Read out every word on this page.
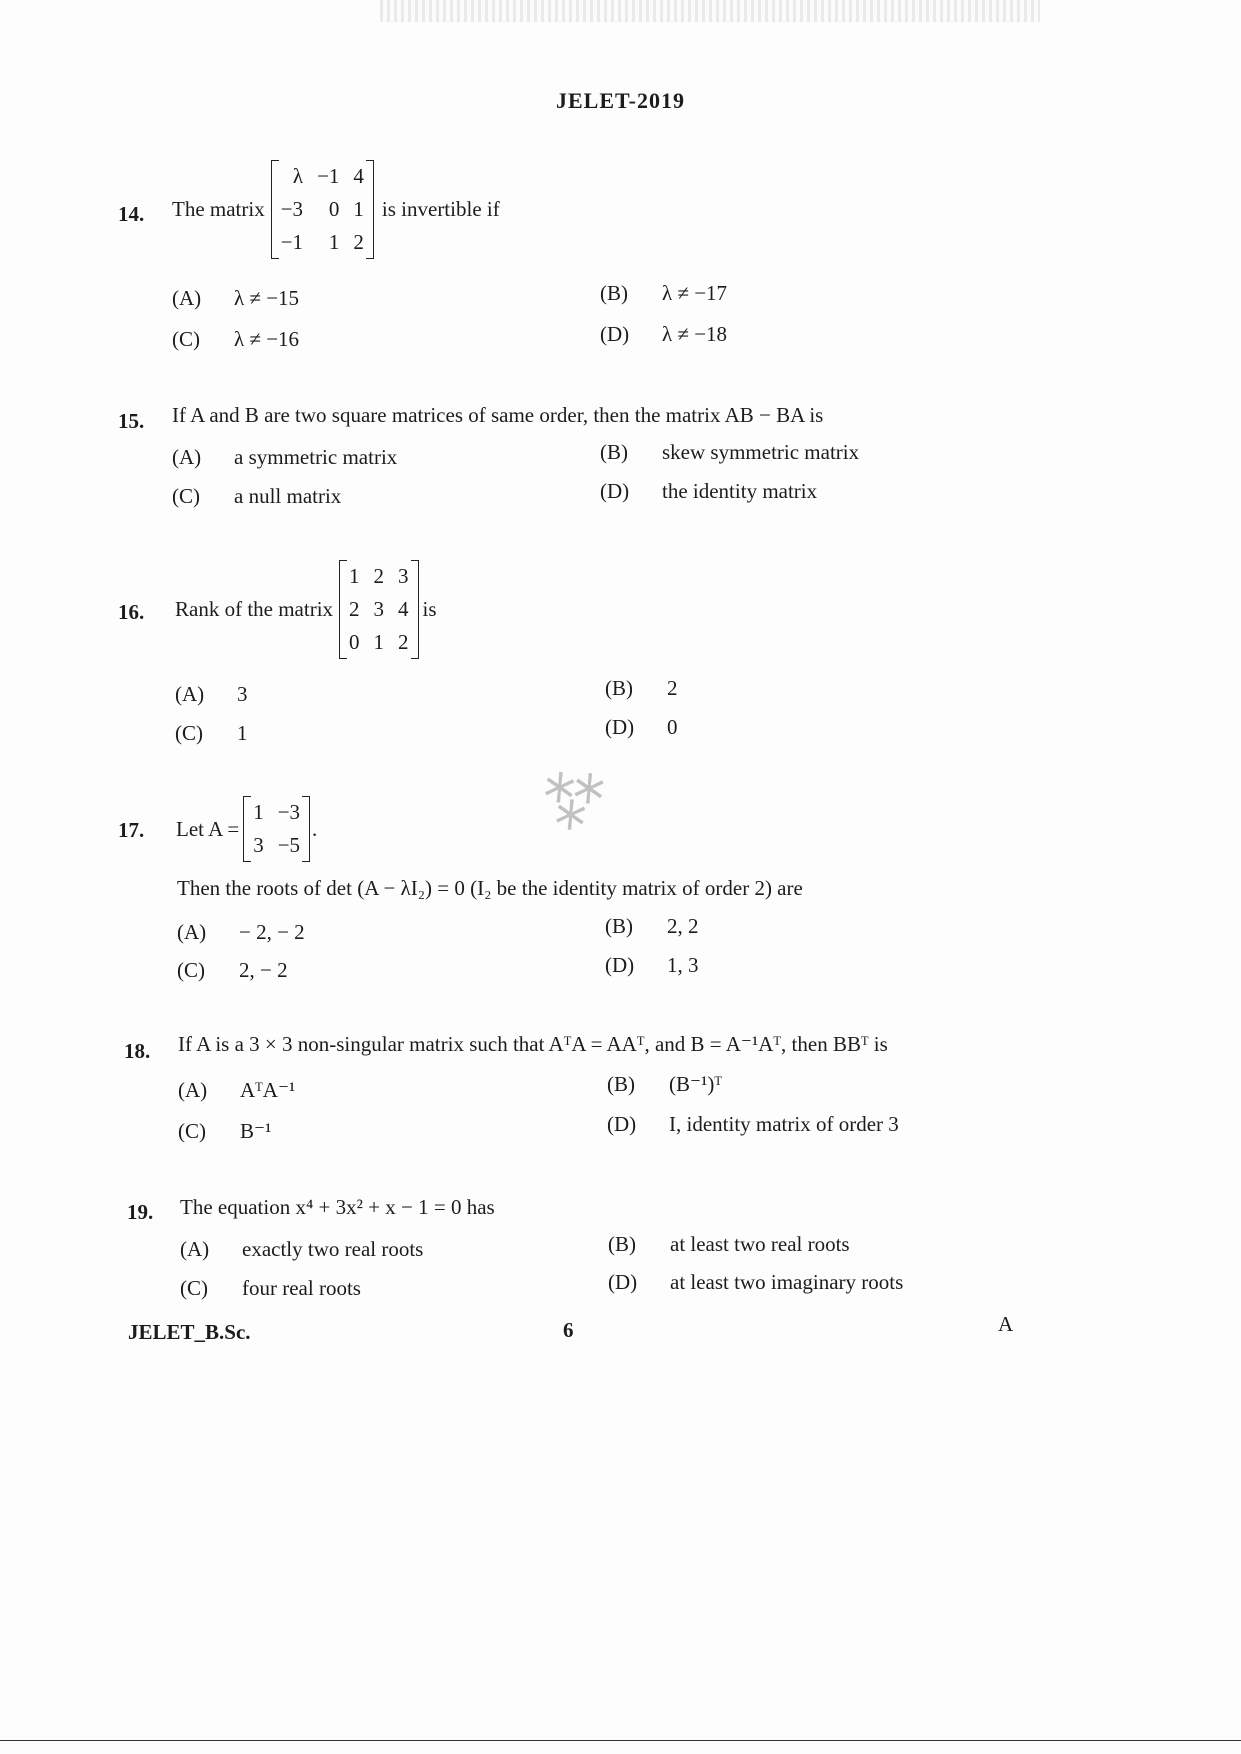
JELET-2019
14. The matrix
λ −1 4
−3	0 1
−1	1 2
is invertible if
(A) λ ≠ −15	(B) λ ≠ −17
(C) λ ≠ −16	(D) λ ≠ −18
15. If A and B are two square matrices of same order, then the matrix AB − BA is
(A) a symmetric matrix	(B) skew symmetric matrix
(C) a null matrix	(D) the identity matrix
16. Rank of the matrix
1 2 3
2 3 4
0 1 2
is
(A) 3	(B) 2
(C) 1	(D) 0
⁂
17. Let A =
1 −3
3 −5
.
Then the roots of det (A − λI₂) = 0 (I₂ be the identity matrix of order 2) are
(A) − 2, − 2	(B) 2, 2
(C) 2, − 2	(D) 1, 3
18. If A is a 3 × 3 non-singular matrix such that AᵀA = AAᵀ, and B = A⁻¹Aᵀ, then BBᵀ is
(A) AᵀA⁻¹	(B) (B⁻¹)ᵀ
(C) B⁻¹	(D) I, identity matrix of order 3
19. The equation x⁴ + 3x² + x − 1 = 0 has
(A) exactly two real roots	(B) at least two real roots
(C) four real roots	(D) at least two imaginary roots
JELET_B.Sc.	6	A
